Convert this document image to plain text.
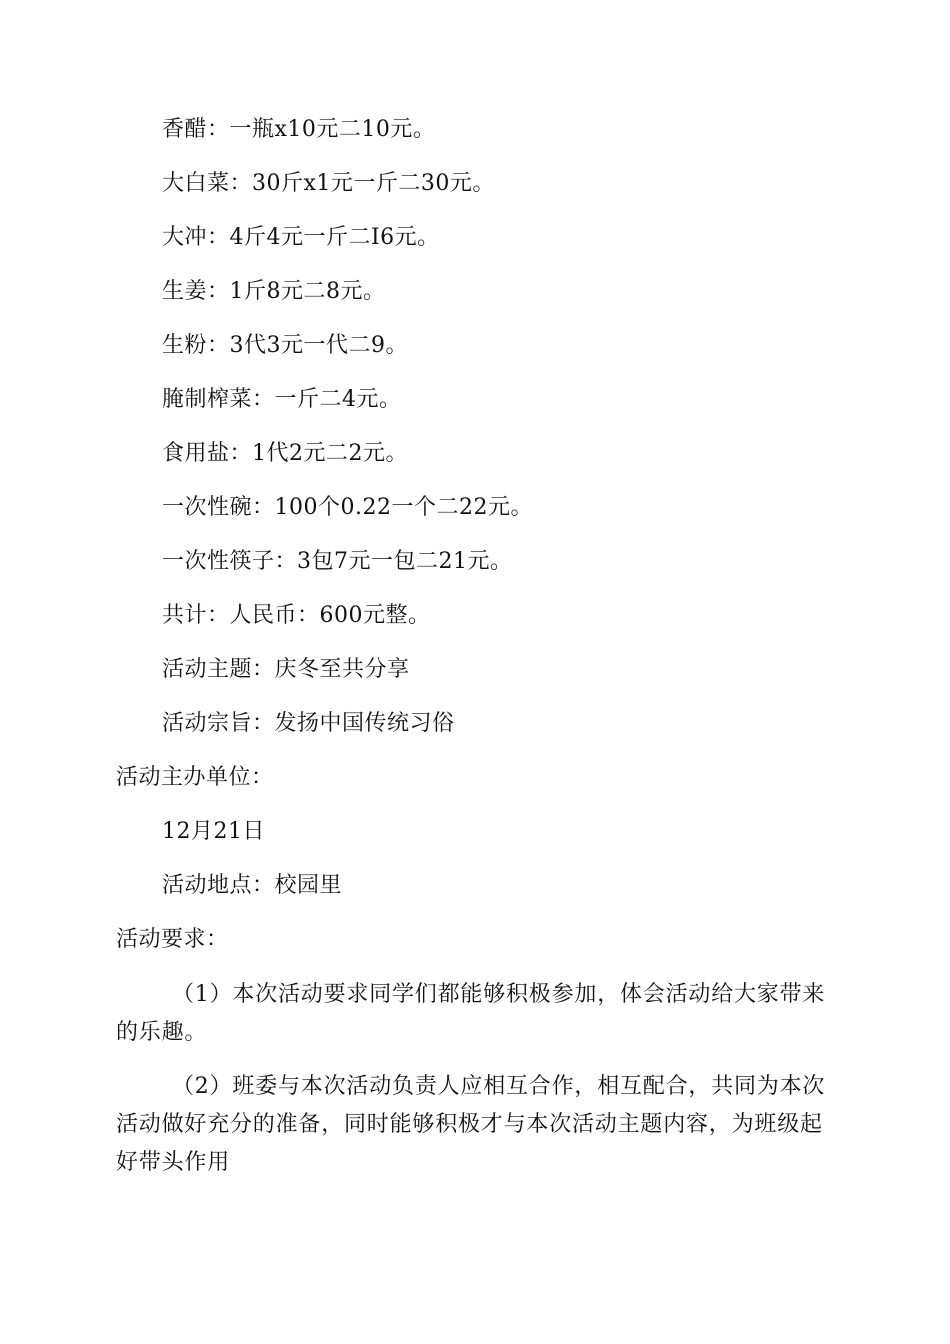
香醋：一瓶x10元二10元。
大白菜：30斤x1元一斤二30元。
大冲：4斤4元一斤二I6元。
生姜：1斤8元二8元。
生粉：3代3元一代二9。
腌制榨菜：一斤二4元。
食用盐：1代2元二2元。
一次性碗：100个0.22一个二22元。
一次性筷子：3包7元一包二21元。
共计：人民币：600元整。
活动主题：庆冬至共分享
活动宗旨：发扬中国传统习俗
活动主办单位：
12月21日
活动地点：校园里
活动要求：
（1）本次活动要求同学们都能够积极参加，体会活动给大家带来的乐趣。
（2）班委与本次活动负责人应相互合作，相互配合，共同为本次活动做好充分的准备，同时能够积极才与本次活动主题内容，为班级起好带头作用
